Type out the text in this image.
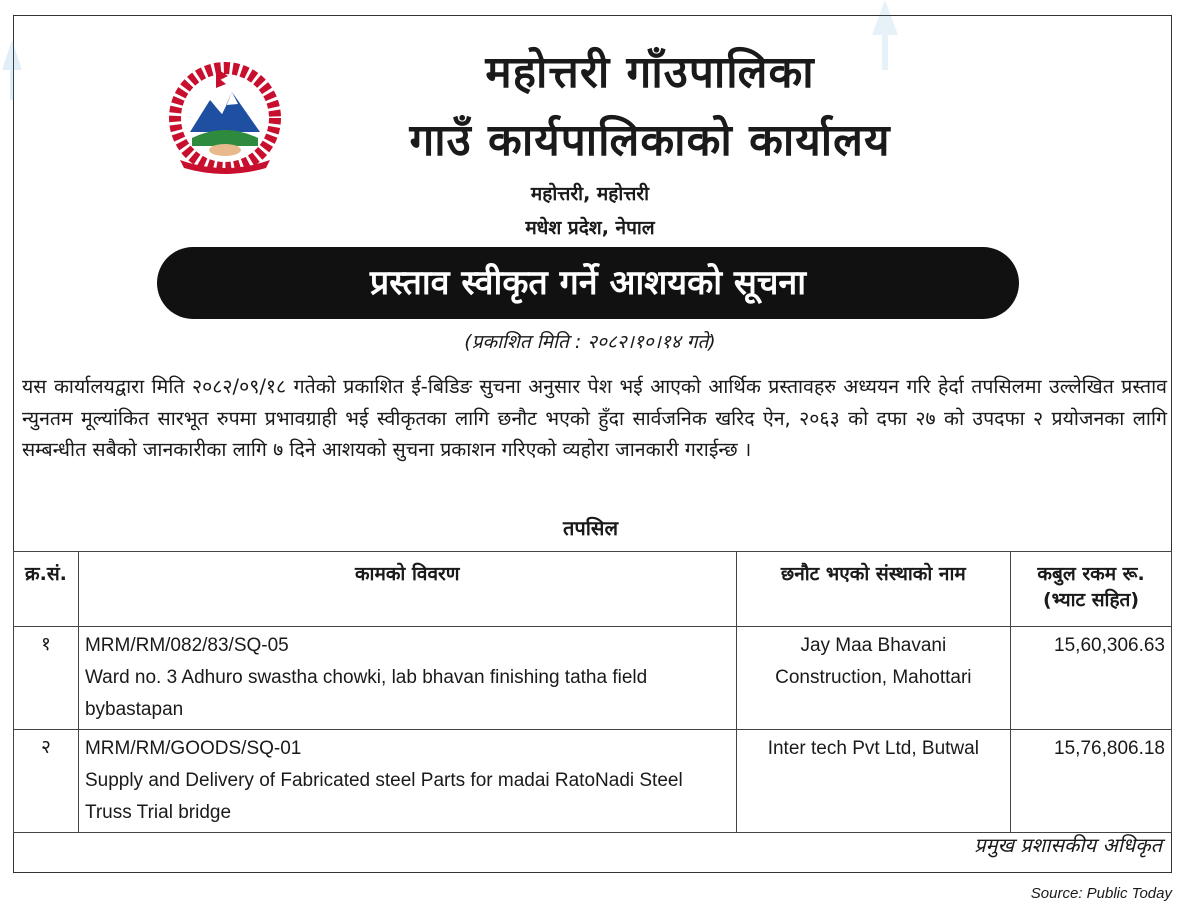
महोत्तरी गाँउपालिका
गाउँ कार्यपालिकाको कार्यालय
महोत्तरी, महोत्तरी
मधेश प्रदेश, नेपाल
प्रस्ताव स्वीकृत गर्ने आशयको सूचना
(प्रकाशित मिति : २०८२।१०।१४ गते)
यस कार्यालयद्वारा मिति २०८२/०९/१८ गतेको प्रकाशित ई-बिडिङ सुचना अनुसार पेश भई आएको आर्थिक प्रस्तावहरु अध्ययन गरि हेर्दा तपसिलमा उल्लेखित प्रस्ताव न्युनतम मूल्यांकित सारभूत रुपमा प्रभावग्राही भई स्वीकृतका लागि छनौट भएको हुँदा सार्वजनिक खरिद ऐन, २०६३ को दफा २७ को उपदफा २ प्रयोजनका लागि सम्बन्धीत सबैको जानकारीका लागि ७ दिने आशयको सुचना प्रकाशन गरिएको व्यहोरा जानकारी गराईन्छ ।
तपसिल
क्र.सं.	कामको विवरण	छनौट भएको संस्थाको नाम	कबुल रकम रू.
(भ्याट सहित)

१	MRM/RM/082/83/SQ-05
Ward no. 3 Adhuro swastha chowki, lab bhavan finishing tatha field bybastapan	Jay Maa Bhavani Construction, Mahottari	15,60,306.63
२	MRM/RM/GOODS/SQ-01
Supply and Delivery of Fabricated steel Parts for madai RatoNadi Steel Truss Trial bridge	Inter tech Pvt Ltd, Butwal	15,76,806.18
प्रमुख प्रशासकीय अधिकृत
Source: Public Today
